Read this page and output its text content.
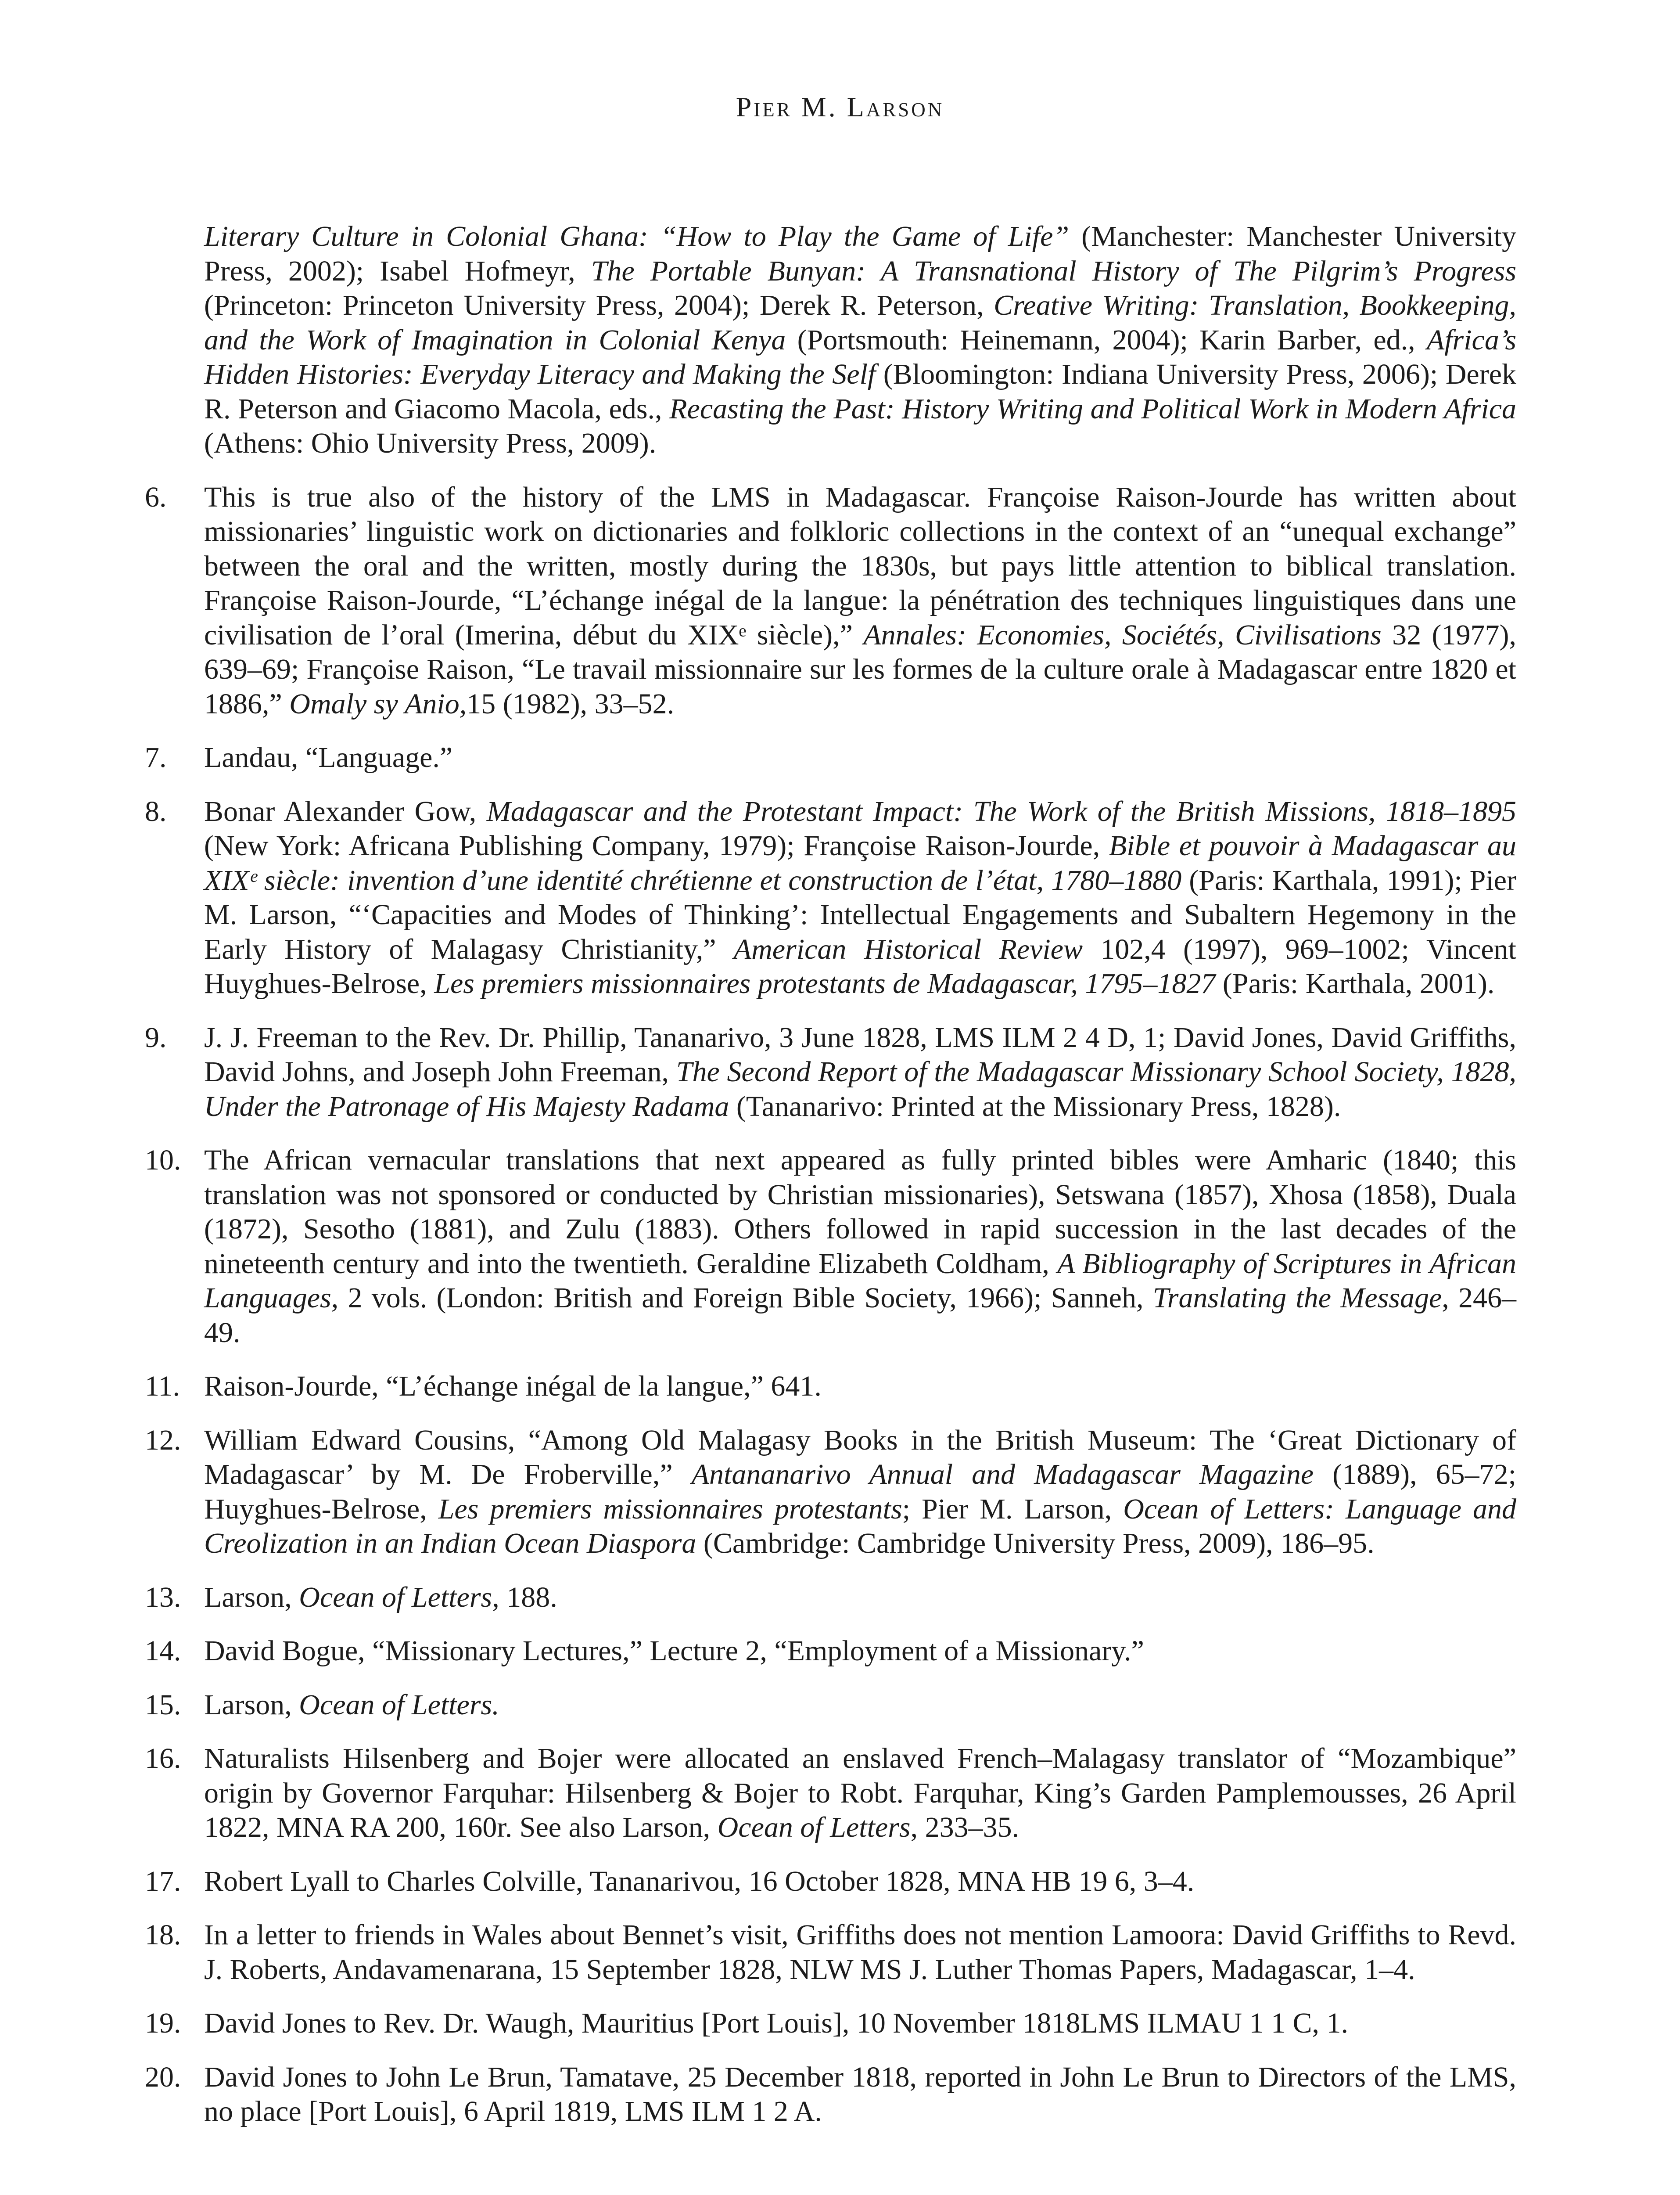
Pier M. Larson
Literary Culture in Colonial Ghana: “How to Play the Game of Life” (Manchester: Manchester University Press, 2002); Isabel Hofmeyr, The Portable Bunyan: A Transnational History of The Pilgrim’s Progress (Princeton: Princeton University Press, 2004); Derek R. Peterson, Creative Writing: Translation, Bookkeeping, and the Work of Imagination in Colonial Kenya (Portsmouth: Heinemann, 2004); Karin Barber, ed., Africa’s Hidden Histories: Everyday Literacy and Making the Self (Bloomington: Indiana University Press, 2006); Derek R. Peterson and Giacomo Macola, eds., Recasting the Past: History Writing and Political Work in Modern Africa (Athens: Ohio University Press, 2009).
6.	This is true also of the history of the LMS in Madagascar. Françoise Raison-Jourde has written about missionaries’ linguistic work on dictionaries and folkloric collections in the context of an “unequal exchange” between the oral and the written, mostly during the 1830s, but pays little attention to biblical translation. Françoise Raison-Jourde, “L’échange inégal de la langue: la pénétration des techniques linguistiques dans une civilisation de l’oral (Imerina, début du XIXᵉ siècle),” Annales: Economies, Sociétés, Civilisations 32 (1977), 639–69; Françoise Raison, “Le travail missionnaire sur les formes de la culture orale à Madagascar entre 1820 et 1886,” Omaly sy Anio,15 (1982), 33–52.
7.	Landau, “Language.”
8.	Bonar Alexander Gow, Madagascar and the Protestant Impact: The Work of the British Missions, 1818–1895 (New York: Africana Publishing Company, 1979); Françoise Raison-Jourde, Bible et pouvoir à Madagascar au XIXᵉ siècle: invention d’une identité chrétienne et construction de l’état, 1780–1880 (Paris: Karthala, 1991); Pier M. Larson, “‘Capacities and Modes of Thinking’: Intellectual Engagements and Subaltern Hegemony in the Early History of Malagasy Christianity,” American Historical Review 102,4 (1997), 969–1002; Vincent Huyghues-Belrose, Les premiers missionnaires protestants de Madagascar, 1795–1827 (Paris: Karthala, 2001).
9.	J. J. Freeman to the Rev. Dr. Phillip, Tananarivo, 3 June 1828, LMS ILM 2 4 D, 1; David Jones, David Griffiths, David Johns, and Joseph John Freeman, The Second Report of the Madagascar Missionary School Society, 1828, Under the Patronage of His Majesty Radama (Tananarivo: Printed at the Missionary Press, 1828).
10. The African vernacular translations that next appeared as fully printed bibles were Amharic (1840; this translation was not sponsored or conducted by Christian missionaries), Setswana (1857), Xhosa (1858), Duala (1872), Sesotho (1881), and Zulu (1883). Others followed in rapid succession in the last decades of the nineteenth century and into the twentieth. Geraldine Elizabeth Coldham, A Bibliography of Scriptures in African Languages, 2 vols. (London: British and Foreign Bible Society, 1966); Sanneh, Translating the Message, 246–49.
11. Raison-Jourde, “L’échange inégal de la langue,” 641.
12. William Edward Cousins, “Among Old Malagasy Books in the British Museum: The ‘Great Dictionary of Madagascar’ by M. De Froberville,” Antananarivo Annual and Madagascar Magazine (1889), 65–72; Huyghues-Belrose, Les premiers missionnaires protestants; Pier M. Larson, Ocean of Letters: Language and Creolization in an Indian Ocean Diaspora (Cambridge: Cambridge University Press, 2009), 186–95.
13. Larson, Ocean of Letters, 188.
14. David Bogue, “Missionary Lectures,” Lecture 2, “Employment of a Missionary.”
15. Larson, Ocean of Letters.
16. Naturalists Hilsenberg and Bojer were allocated an enslaved French–Malagasy translator of “Mozambique” origin by Governor Farquhar: Hilsenberg & Bojer to Robt. Farquhar, King’s Garden Pamplemousses, 26 April 1822, MNA RA 200, 160r. See also Larson, Ocean of Letters, 233–35.
17. Robert Lyall to Charles Colville, Tananarivou, 16 October 1828, MNA HB 19 6, 3–4.
18. In a letter to friends in Wales about Bennet’s visit, Griffiths does not mention Lamoora: David Griffiths to Revd. J. Roberts, Andavamenarana, 15 September 1828, NLW MS J. Luther Thomas Papers, Madagascar, 1–4.
19. David Jones to Rev. Dr. Waugh, Mauritius [Port Louis], 10 November 1818LMS ILMAU 1 1 C, 1.
20. David Jones to John Le Brun, Tamatave, 25 December 1818, reported in John Le Brun to Directors of the LMS, no place [Port Louis], 6 April 1819, LMS ILM 1 2 A.
